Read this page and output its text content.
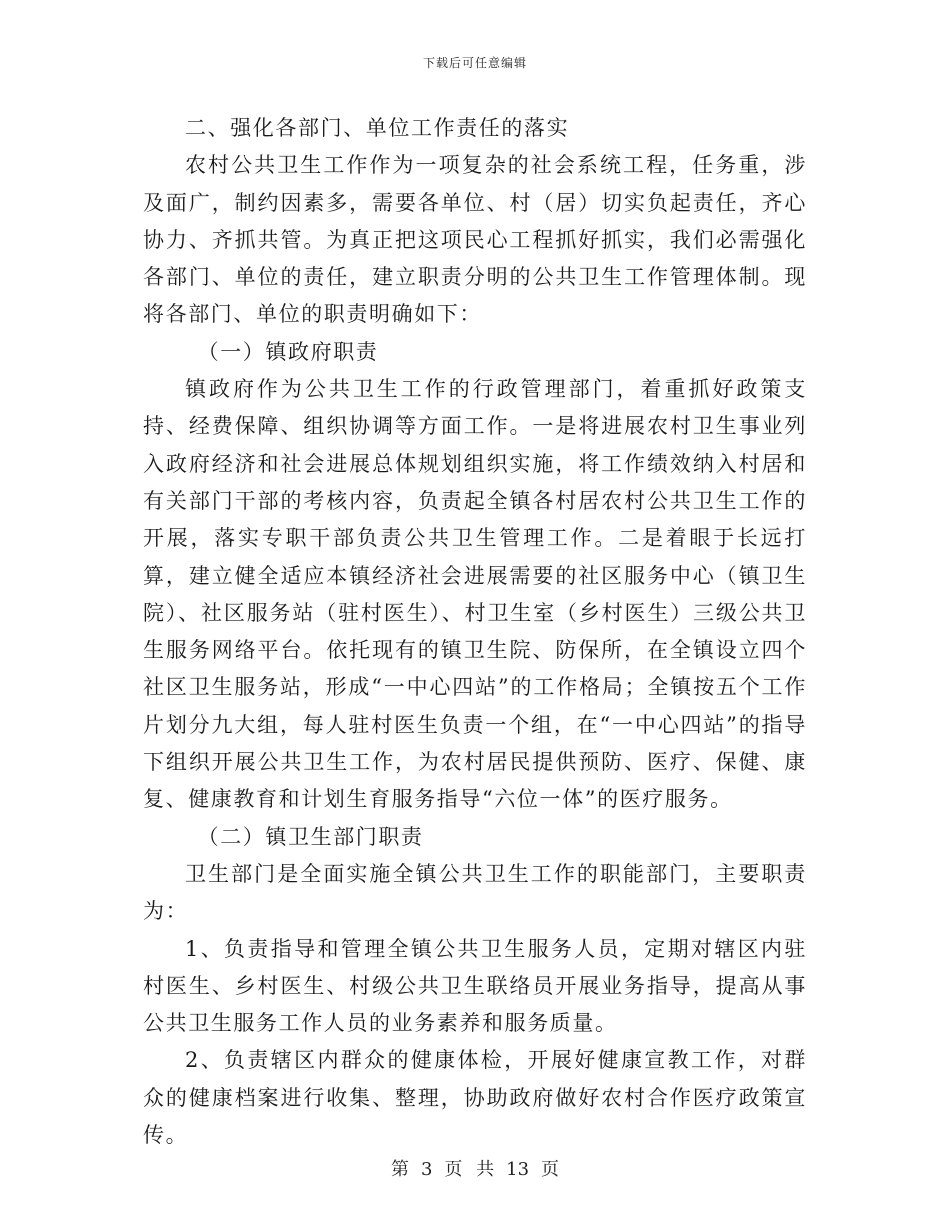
下载后可任意编辑

二、强化各部门、单位工作责任的落实

农村公共卫生工作作为一项复杂的社会系统工程，任务重，涉及面广，制约因素多，需要各单位、村（居）切实负起责任，齐心协力、齐抓共管。为真正把这项民心工程抓好抓实，我们必需强化各部门、单位的责任，建立职责分明的公共卫生工作管理体制。现将各部门、单位的职责明确如下：

（一）镇政府职责

镇政府作为公共卫生工作的行政管理部门，着重抓好政策支持、经费保障、组织协调等方面工作。一是将进展农村卫生事业列入政府经济和社会进展总体规划组织实施，将工作绩效纳入村居和有关部门干部的考核内容，负责起全镇各村居农村公共卫生工作的开展，落实专职干部负责公共卫生管理工作。二是着眼于长远打算，建立健全适应本镇经济社会进展需要的社区服务中心（镇卫生院）、社区服务站（驻村医生）、村卫生室（乡村医生）三级公共卫生服务网络平台。依托现有的镇卫生院、防保所，在全镇设立四个社区卫生服务站，形成“一中心四站”的工作格局；全镇按五个工作片划分九大组，每人驻村医生负责一个组，在“一中心四站”的指导下组织开展公共卫生工作，为农村居民提供预防、医疗、保健、康复、健康教育和计划生育服务指导“六位一体”的医疗服务。

（二）镇卫生部门职责

卫生部门是全面实施全镇公共卫生工作的职能部门，主要职责为：

1、负责指导和管理全镇公共卫生服务人员，定期对辖区内驻村医生、乡村医生、村级公共卫生联络员开展业务指导，提高从事公共卫生服务工作人员的业务素养和服务质量。

2、负责辖区内群众的健康体检，开展好健康宣教工作，对群众的健康档案进行收集、整理，协助政府做好农村合作医疗政策宣传。

第 3 页 共 13 页
